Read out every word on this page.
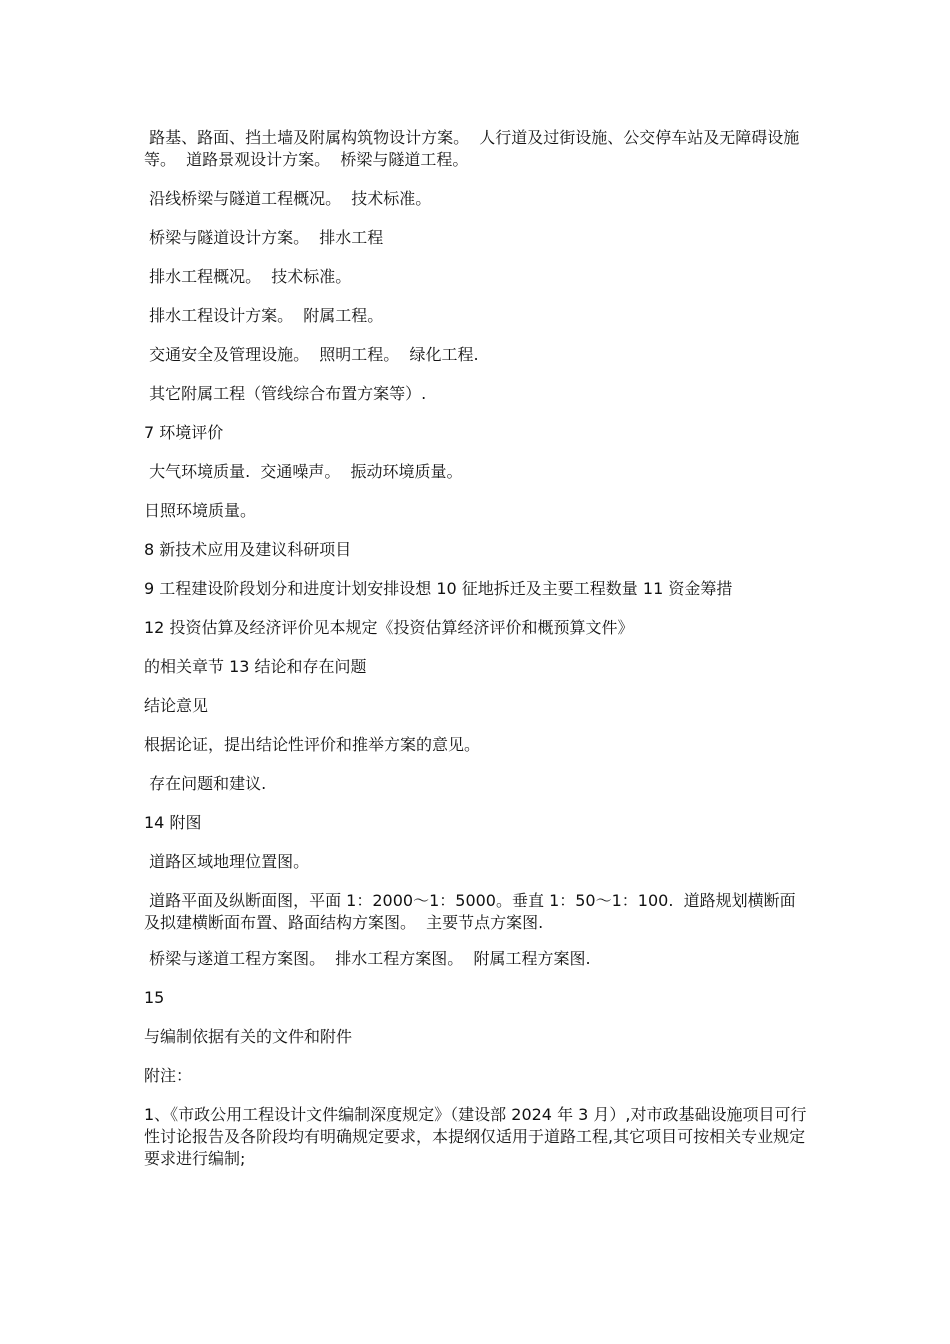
路基、路面、挡土墙及附属构筑物设计方案。  人行道及过街设施、公交停车站及无障碍设施等。  道路景观设计方案。  桥梁与隧道工程。

沿线桥梁与隧道工程概况。  技术标准。

桥梁与隧道设计方案。  排水工程

排水工程概况。  技术标准。

排水工程设计方案。  附属工程。

交通安全及管理设施。  照明工程。  绿化工程.

其它附属工程（管线综合布置方案等）.

7 环境评价

大气环境质量.  交通噪声。  振动环境质量。

日照环境质量。

8 新技术应用及建议科研项目

9 工程建设阶段划分和进度计划安排设想 10 征地拆迁及主要工程数量 11 资金筹措

12 投资估算及经济评价见本规定《投资估算经济评价和概预算文件》

的相关章节 13 结论和存在问题

结论意见

根据论证，提出结论性评价和推举方案的意见。

存在问题和建议.

14 附图

道路区域地理位置图。

道路平面及纵断面图，平面 1：2000～1：5000。垂直 1：50～1：100.  道路规划横断面及拟建横断面布置、路面结构方案图。  主要节点方案图.

桥梁与遂道工程方案图。  排水工程方案图。  附属工程方案图.

15

与编制依据有关的文件和附件

附注：

1、《市政公用工程设计文件编制深度规定》（建设部 2024 年 3 月）,对市政基础设施项目可行性讨论报告及各阶段均有明确规定要求，本提纲仅适用于道路工程,其它项目可按相关专业规定要求进行编制;
